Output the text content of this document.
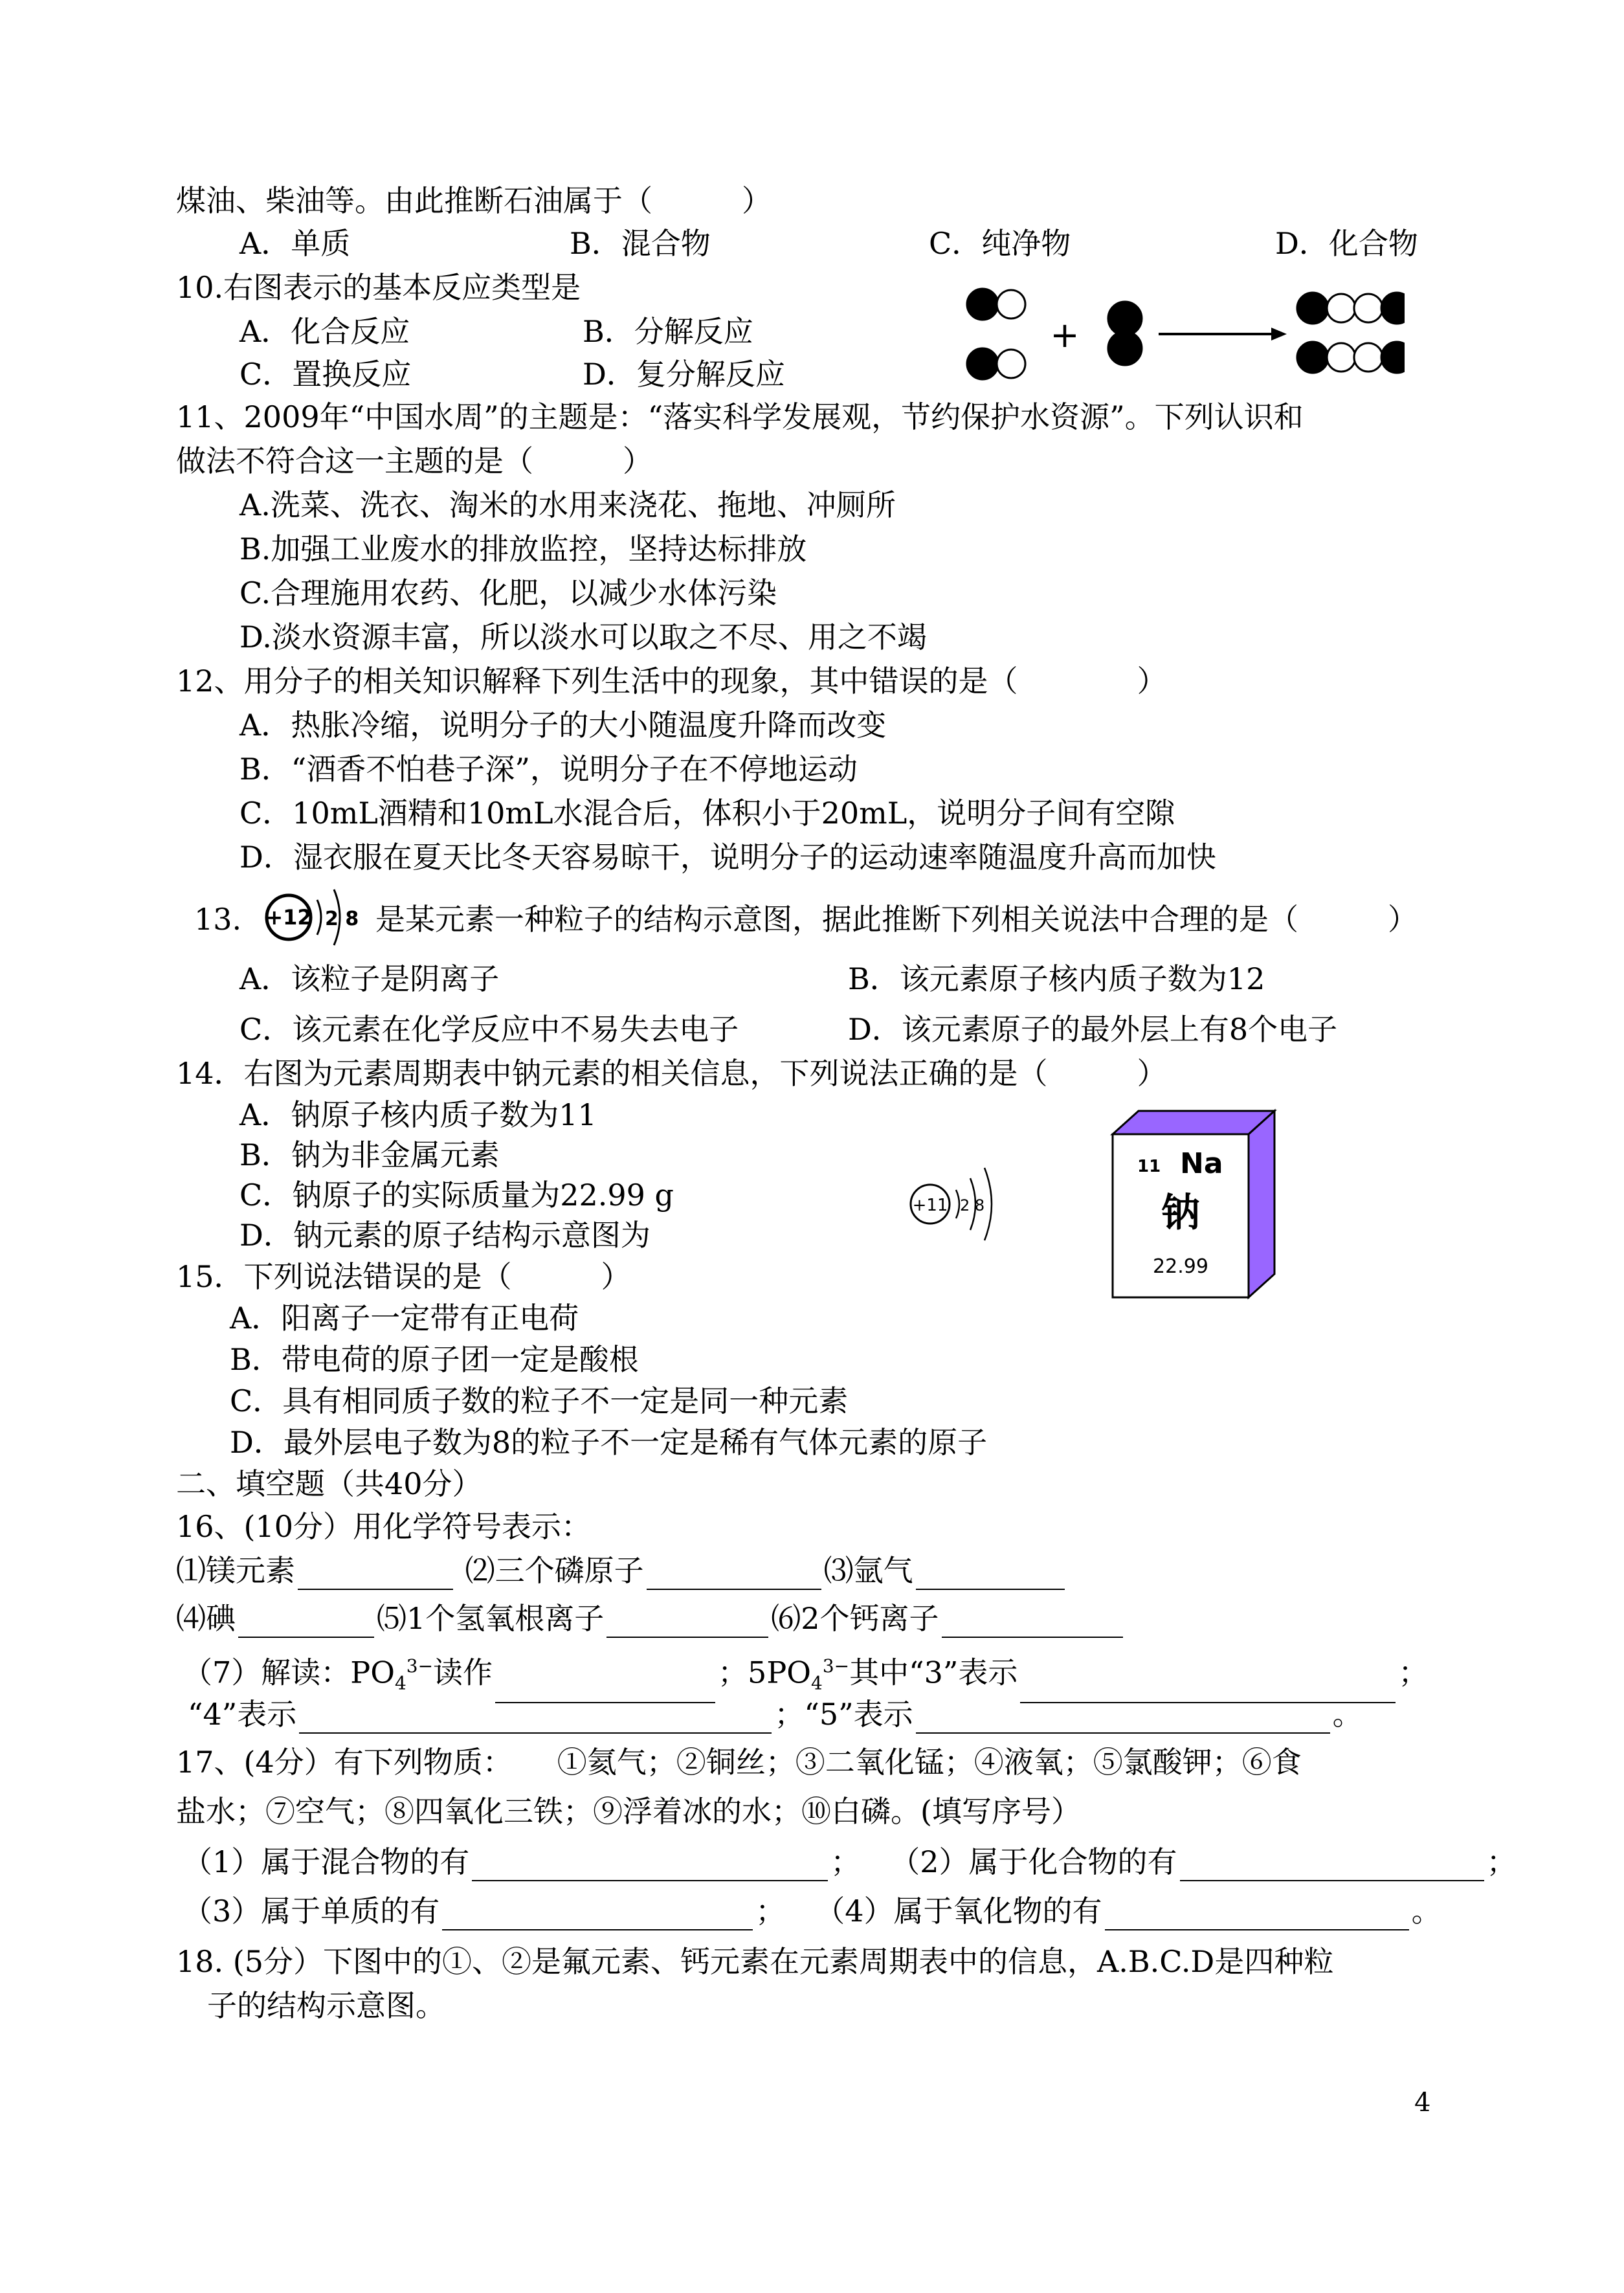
煤油、柴油等。由此推断石油属于（　　　）
A．单质	B．混合物	C．纯净物	D．化合物
10.右图表示的基本反应类型是
A．化合反应	B．分解反应
C．置换反应	D．复分解反应
+
11、2009年“中国水周”的主题是：“落实科学发展观，节约保护水资源”。下列认识和
做法不符合这一主题的是（　　　）
A.洗菜、洗衣、淘米的水用来浇花、拖地、冲厕所
B.加强工业废水的排放监控，坚持达标排放
C.合理施用农药、化肥，以减少水体污染
D.淡水资源丰富，所以淡水可以取之不尽、用之不竭
12、用分子的相关知识解释下列生活中的现象，其中错误的是（　　　　）
A．热胀冷缩，说明分子的大小随温度升降而改变
B．“酒香不怕巷子深”，说明分子在不停地运动
C．10mL酒精和10mL水混合后，体积小于20mL，说明分子间有空隙
D．湿衣服在夏天比冬天容易晾干，说明分子的运动速率随温度升高而加快
13. +12 2 8 是某元素一种粒子的结构示意图，据此推断下列相关说法中合理的是（　　　）
A．该粒子是阴离子	B．该元素原子核内质子数为12
C．该元素在化学反应中不易失去电子	D．该元素原子的最外层上有8个电子
14．右图为元素周期表中钠元素的相关信息，下列说法正确的是（　　　）
A．钠原子核内质子数为11
B．钠为非金属元素
C．钠原子的实际质量为22.99 g
D．钠元素的原子结构示意图为
+11 2 8
11 Na
钠
22.99
15．下列说法错误的是（　　　）
A．阳离子一定带有正电荷
B．带电荷的原子团一定是酸根
C．具有相同质子数的粒子不一定是同一种元素
D．最外层电子数为8的粒子不一定是稀有气体元素的原子
二、填空题（共40分）
16、(10分）用化学符号表示：
⑴镁元素	⑵三个磷原子	⑶氩气
⑷碘	⑸1个氢氧根离子	⑹2个钙离子
（7）解读：$PO_4^{3-}$读作	；$5PO_4^{3-}$其中“3”表示	；
“4”表示	；“5”表示	。
17、(4分）有下列物质：　　①氦气；②铜丝；③二氧化锰；④液氧；⑤氯酸钾；⑥食
盐水；⑦空气；⑧四氧化三铁；⑨浮着冰的水；⑩白磷。(填写序号）
（1）属于混合物的有	；　　（2）属于化合物的有	；
（3）属于单质的有	；　　（4）属于氧化物的有	。
18. (5分）下图中的①、②是氟元素、钙元素在元素周期表中的信息，A.B.C.D是四种粒
子的结构示意图。
4
